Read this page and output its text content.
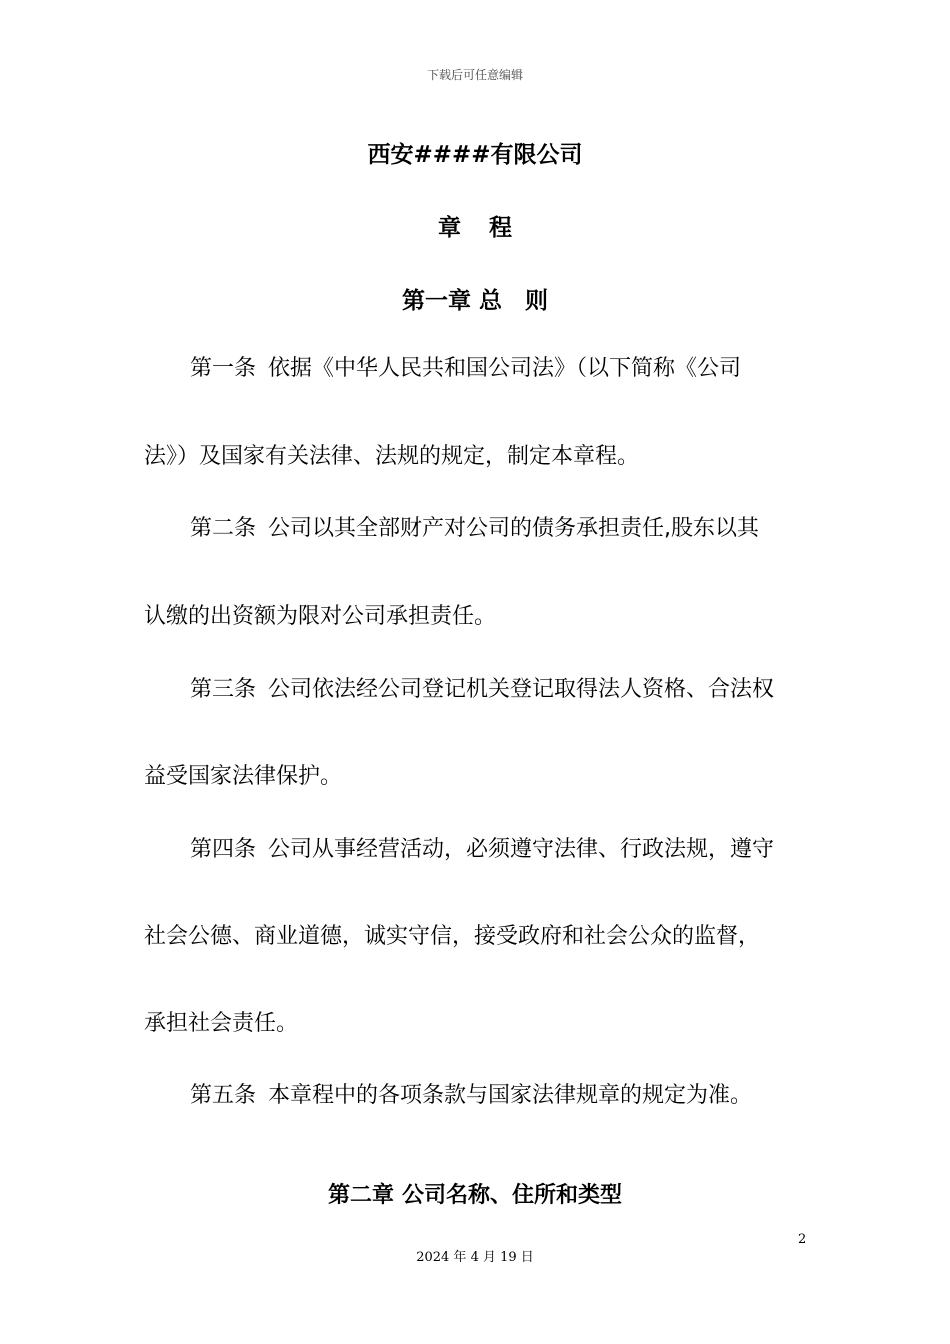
下载后可任意编辑
西安####有限公司
章程
第一章 总　则
第一条 依据《中华人民共和国公司法》（以下简称《公司
法》）及国家有关法律、法规的规定，制定本章程。
第二条 公司以其全部财产对公司的债务承担责任,股东以其
认缴的出资额为限对公司承担责任。
第三条 公司依法经公司登记机关登记取得法人资格、合法权
益受国家法律保护。
第四条 公司从事经营活动，必须遵守法律、行政法规，遵守
社会公德、商业道德，诚实守信，接受政府和社会公众的监督，
承担社会责任。
第五条 本章程中的各项条款与国家法律规章的规定为准。
第二章 公司名称、住所和类型
2
2024 年 4 月 19 日
